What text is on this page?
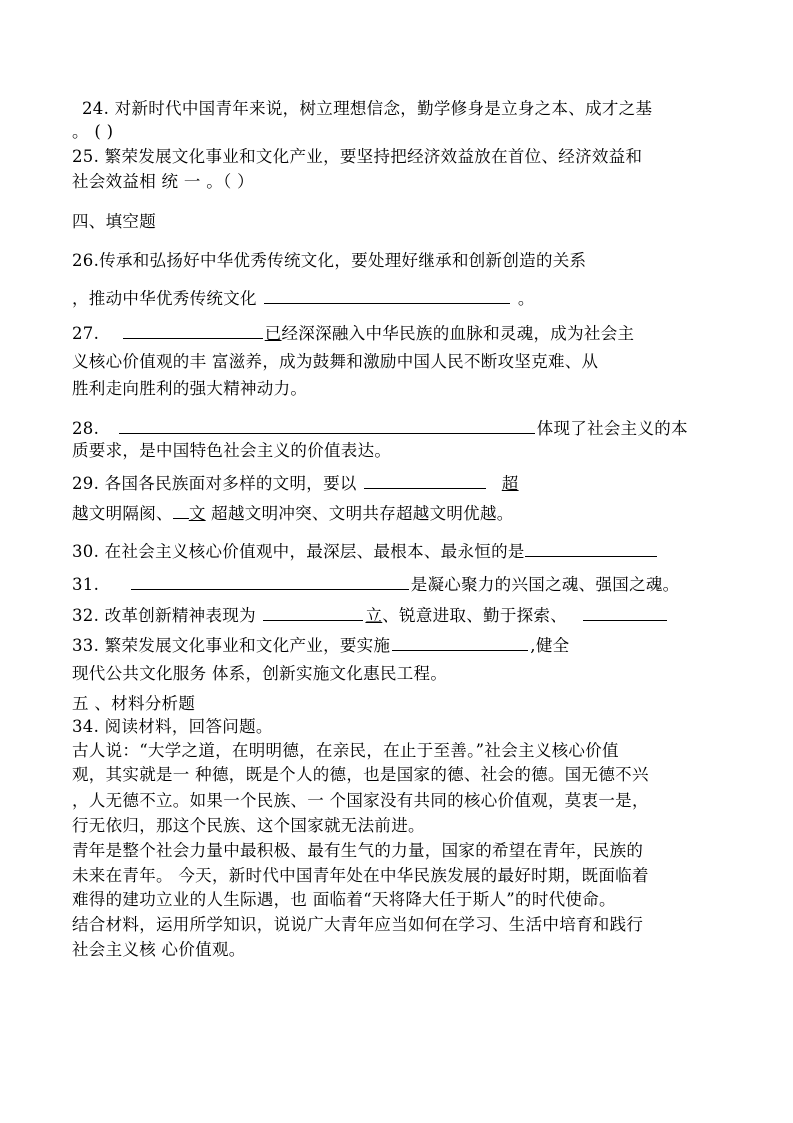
24. 对新时代中国青年来说，树立理想信念，勤学修身是立身之本、成才之基
。 ( )
25. 繁荣发展文化事业和文化产业，要坚持把经济效益放在首位、经济效益和
社会效益相 统 一 。（ ）
四、填空题
26.传承和弘扬好中华优秀传统文化，要处理好继承和创新创造的关系
，推动中华优秀传统文化	。
27.	已经深深融入中华民族的血脉和灵魂，成为社会主
义核心价值观的丰 富滋养，成为鼓舞和激励中国人民不断攻坚克难、从
胜利走向胜利的强大精神动力。
28.	体现了社会主义的本
质要求，是中国特色社会主义的价值表达。
29. 各国各民族面对多样的文明，要以	超
越文明隔阂、 文 超越文明冲突、文明共存超越文明优越。
30. 在社会主义核心价值观中，最深层、最根本、最永恒的是
31.	是凝心聚力的兴国之魂、强国之魂。
32. 改革创新精神表现为	立、锐意进取、勤于探索、
33. 繁荣发展文化事业和文化产业，要实施	,健全
现代公共文化服务 体系，创新实施文化惠民工程。
五 、材料分析题
34. 阅读材料，回答问题。
古人说：“大学之道，在明明德，在亲民，在止于至善。”社会主义核心价值
观，其实就是一 种德，既是个人的德，也是国家的德、社会的德。国无德不兴
，人无德不立。如果一个民族、一 个国家没有共同的核心价值观，莫衷一是，
行无依归，那这个民族、这个国家就无法前进。
青年是整个社会力量中最积极、最有生气的力量，国家的希望在青年，民族的
未来在青年。 今天，新时代中国青年处在中华民族发展的最好时期，既面临着
难得的建功立业的人生际遇，也 面临着“天将降大任于斯人”的时代使命。
结合材料，运用所学知识，说说广大青年应当如何在学习、生活中培育和践行
社会主义核 心价值观。
